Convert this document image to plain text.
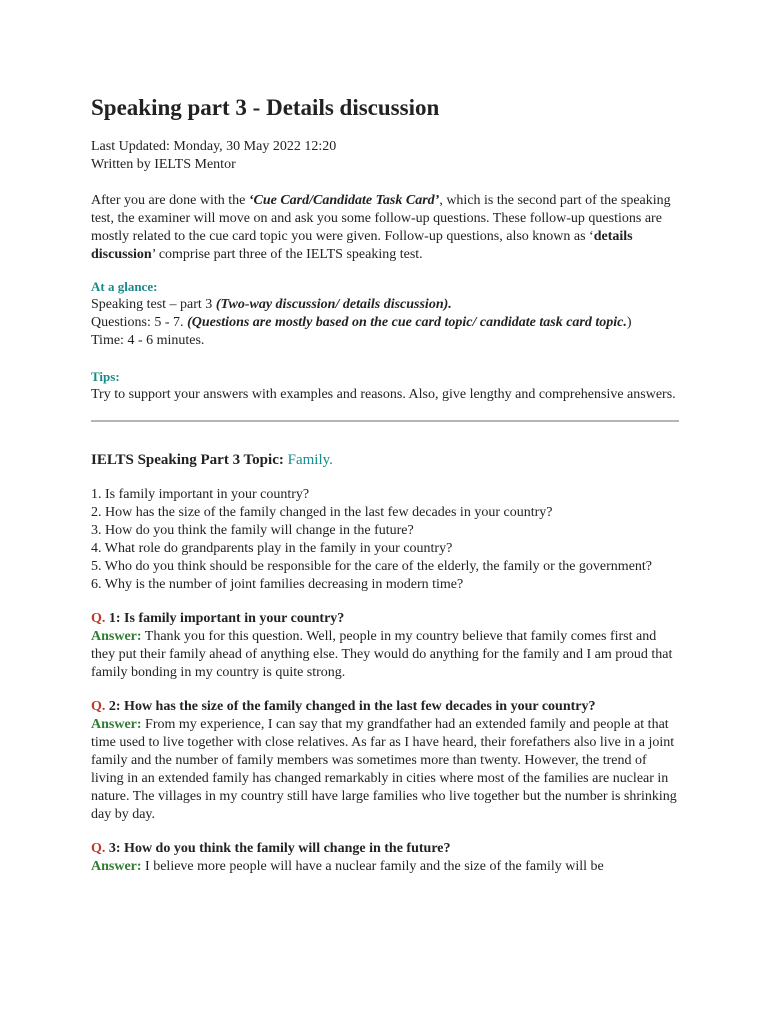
Speaking part 3 - Details discussion
Last Updated: Monday, 30 May 2022 12:20
Written by IELTS Mentor
After you are done with the ‘Cue Card/Candidate Task Card’, which is the second part of the speaking test, the examiner will move on and ask you some follow-up questions. These follow-up questions are mostly related to the cue card topic you were given. Follow-up questions, also known as ‘details discussion’ comprise part three of the IELTS speaking test.
At a glance:
Speaking test – part 3 (Two-way discussion/ details discussion).
Questions: 5 - 7. (Questions are mostly based on the cue card topic/ candidate task card topic.)
Time: 4 - 6 minutes.
Tips:
Try to support your answers with examples and reasons. Also, give lengthy and comprehensive answers.
IELTS Speaking Part 3 Topic: Family.
1. Is family important in your country?
2. How has the size of the family changed in the last few decades in your country?
3. How do you think the family will change in the future?
4. What role do grandparents play in the family in your country?
5. Who do you think should be responsible for the care of the elderly, the family or the government?
6. Why is the number of joint families decreasing in modern time?
Q. 1: Is family important in your country?
Answer: Thank you for this question. Well, people in my country believe that family comes first and they put their family ahead of anything else. They would do anything for the family and I am proud that family bonding in my country is quite strong.
Q. 2: How has the size of the family changed in the last few decades in your country?
Answer: From my experience, I can say that my grandfather had an extended family and people at that time used to live together with close relatives. As far as I have heard, their forefathers also live in a joint family and the number of family members was sometimes more than twenty. However, the trend of living in an extended family has changed remarkably in cities where most of the families are nuclear in nature. The villages in my country still have large families who live together but the number is shrinking day by day.
Q. 3: How do you think the family will change in the future?
Answer: I believe more people will have a nuclear family and the size of the family will be
